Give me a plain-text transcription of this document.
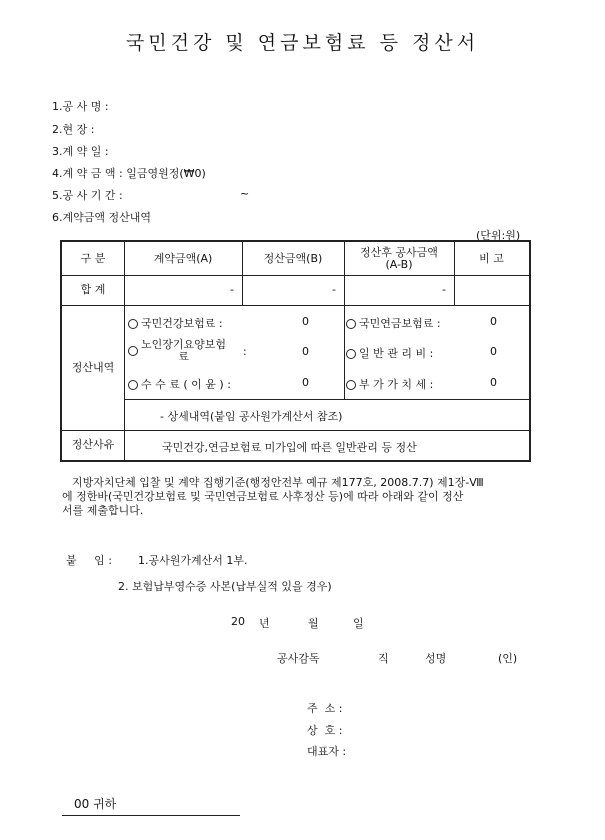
국민건강 및 연금보험료 등 정산서
1.공 사 명 :
2.현 장 :
3.계 약 일 :
4.계 약 금 액 : 일금영원정(₩0)
5.공 사 기 간 :	~
6.계약금액 정산내역
(단위:원)
구 분	계약금액(A)	정산금액(B)	정산후 공사금액
(A-B)	비 고
합 계	-	-	-
정산내역
국민건강보험료 :	0
노인장기요양보험
료	:	0
수 수 료 ( 이 윤 ) :	0
국민연금보험료 :	0
일 반 관 리 비 :	0
부 가 가 치 세 :	0
- 상세내역(붙임 공사원가계산서 참조)
정산사유	국민건강,연금보험료 미가입에 따른 일반관리 등 정산
지방자치단체 입찰 및 계약 집행기준(행정안전부 예규 제177호, 2008.7.7) 제1장-Ⅷ
에 정한바(국민건강보험료 및 국민연금보험료 사후정산 등)에 따라 아래와 같이 정산
서를 제출합니다.
붙     임 : 1.공사원가계산서 1부.
2. 보험납부영수증 사본(납부실적 있을 경우)
20 년	월	일
공사감독	직	성명	(인)
주  소 :
상  호 :
대표자 :
00 귀하
